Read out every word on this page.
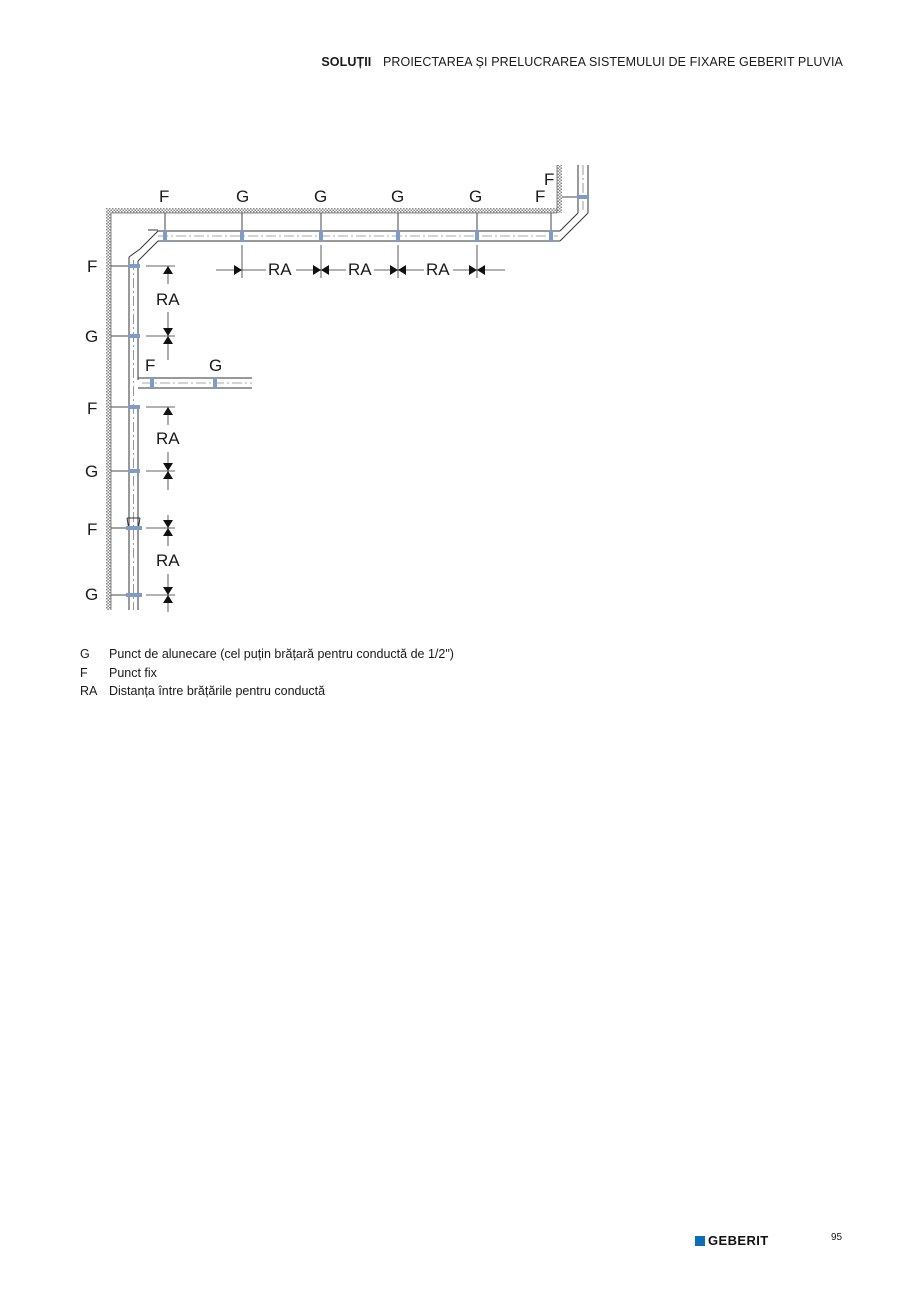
SOLUȚII PROIECTAREA ȘI PRELUCRAREA SISTEMULUI DE FIXARE GEBERIT PLUVIA
F	G	G	G	G	F
F
RA	RA	RA
F
G
F
G
F
G
RA
RA
RA
F	G
G	Punct de alunecare (cel puțin brățară pentru conductă de 1/2")
F	Punct fix
RA Distanța între brățările pentru conductă
GEBERIT	95
